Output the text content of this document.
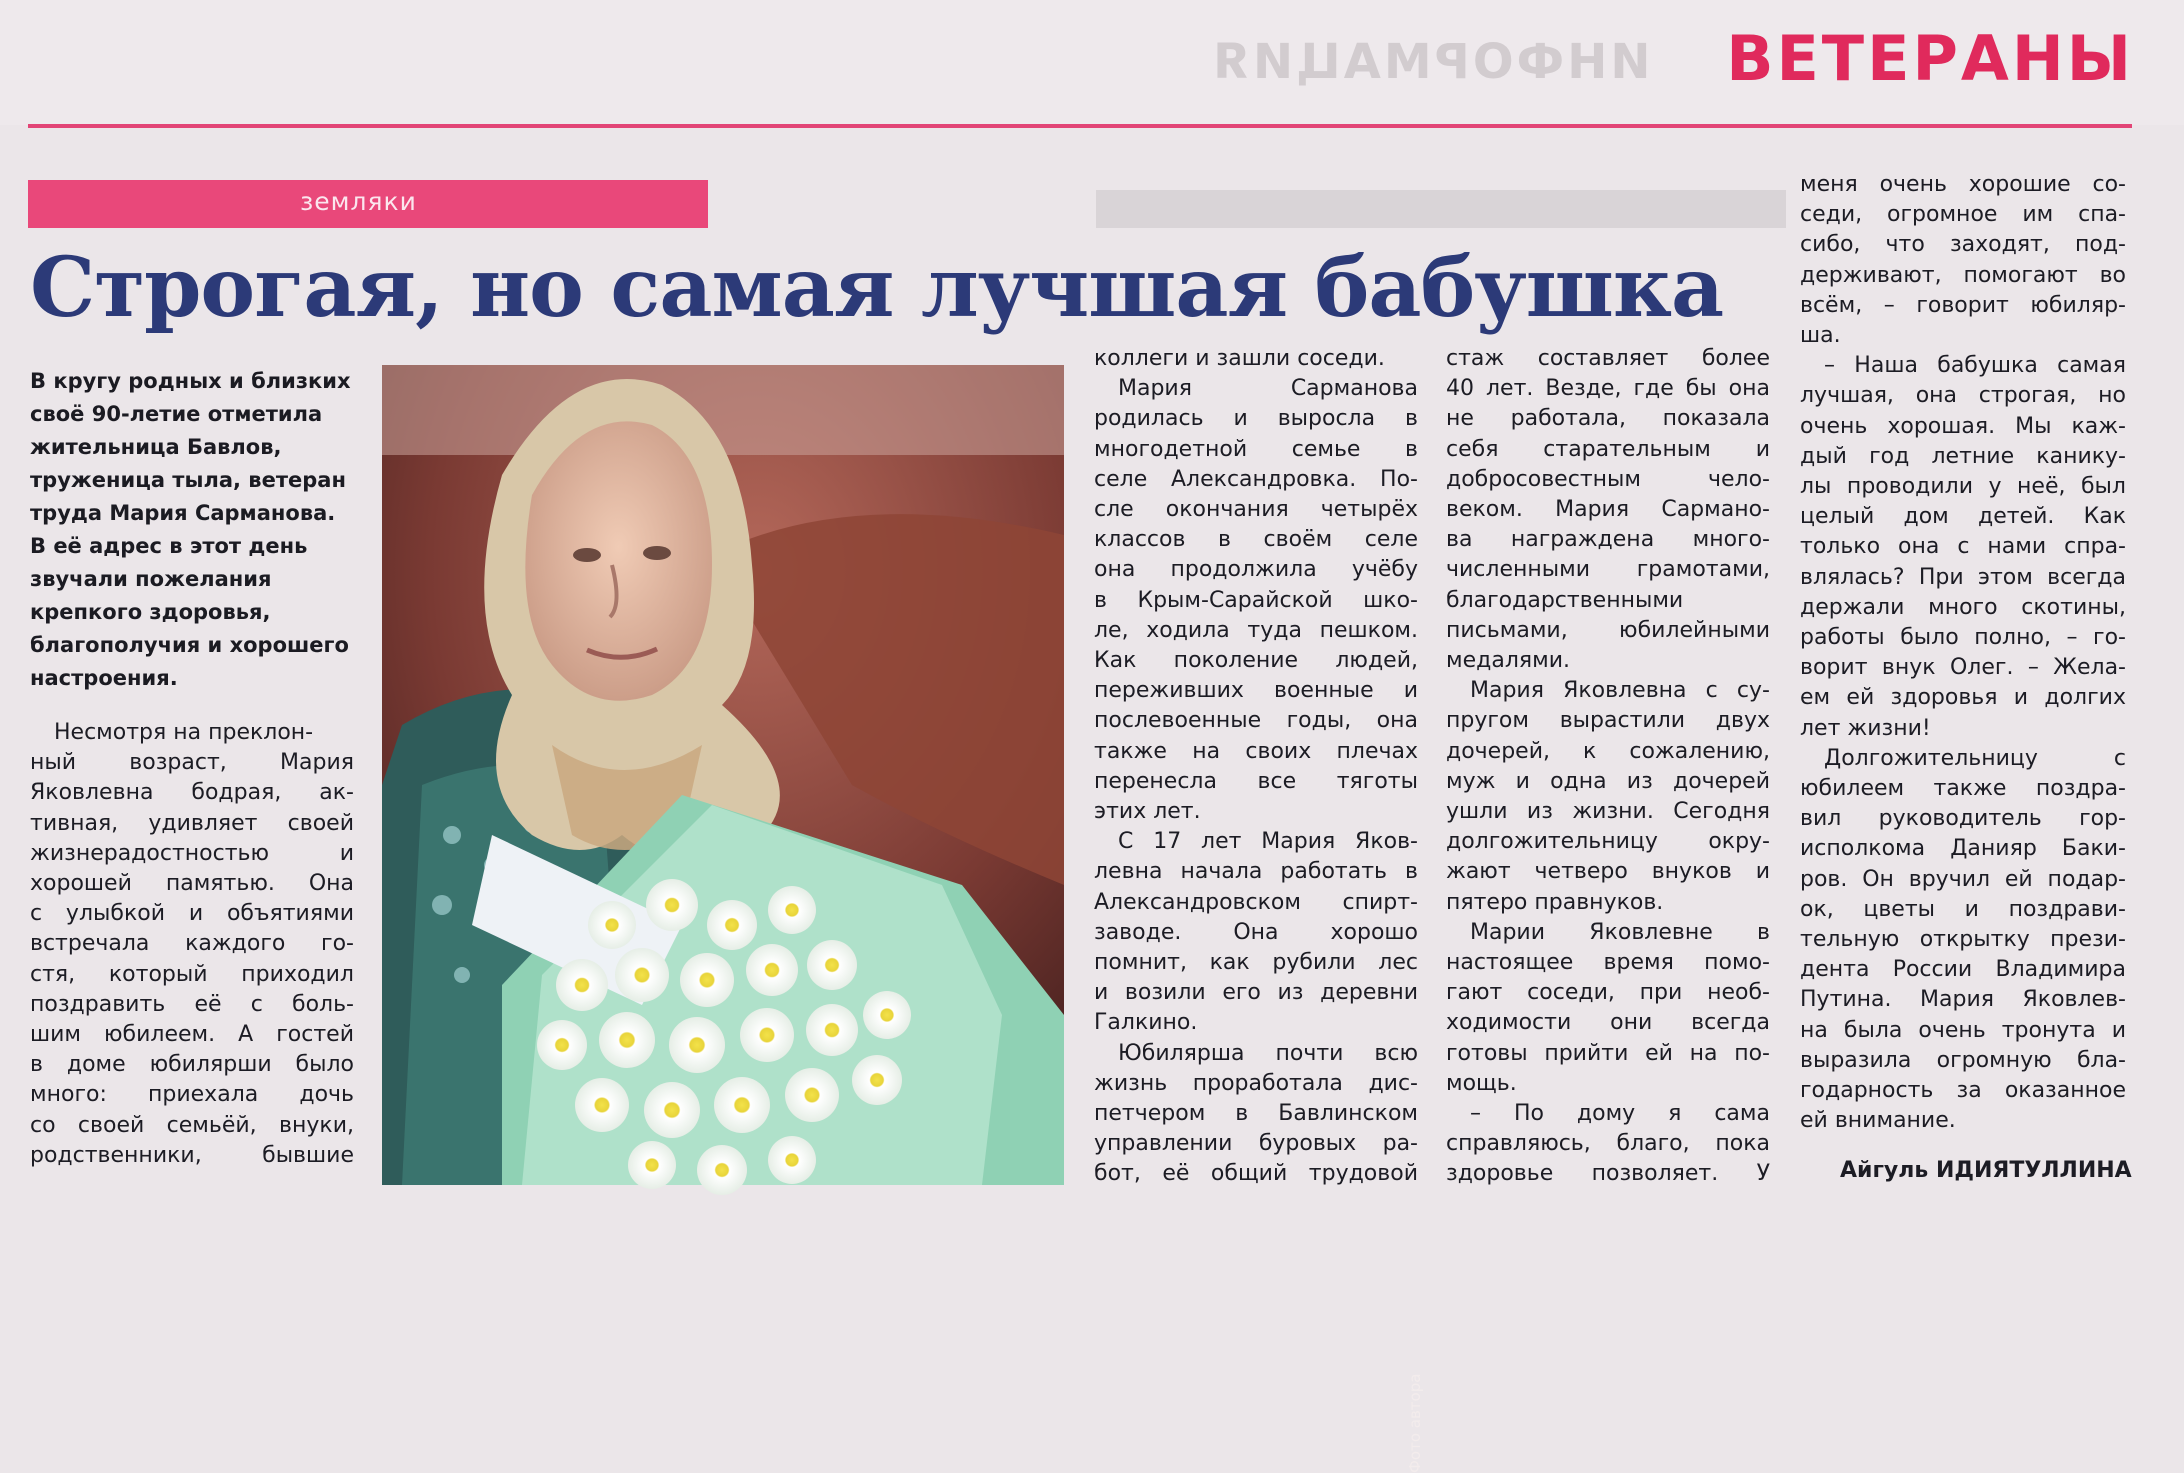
ИНФОРМАЦИЯ ВЕТЕРАНЫ
земляки
Строгая, но самая лучшая бабушка
В кругу родных и близких
своё 90-летие отметила
жительница Бавлов,
труженица тыла, ветеран
труда Мария Сарманова.
В её адрес в этот день
звучали пожелания
крепкого здоровья,
благополучия и хорошего
настроения.
Фото автора
Несмотря на преклон-
ный возраст, Мария
Яковлевна бодрая, ак-
тивная, удивляет своей
жизнерадостностью и
хорошей памятью. Она
с улыбкой и объятиями
встречала каждого го-
стя, который приходил
поздравить её с боль-
шим юбилеем. А гостей
в доме юбилярши было
много: приехала дочь
со своей семьёй, внуки,
родственники, бывшие
коллеги и зашли соседи.
Мария Сарманова
родилась и выросла в
многодетной семье в
селе Александровка. По-
сле окончания четырёх
классов в своём селе
она продолжила учёбу
в Крым-Сарайской шко-
ле, ходила туда пешком.
Как поколение людей,
переживших военные и
послевоенные годы, она
также на своих плечах
перенесла все тяготы
этих лет.
С 17 лет Мария Яков-
левна начала работать в
Александровском спирт-
заводе. Она хорошо
помнит, как рубили лес
и возили его из деревни
Галкино.
Юбилярша почти всю
жизнь проработала дис-
петчером в Бавлинском
управлении буровых ра-
бот, её общий трудовой
стаж составляет более
40 лет. Везде, где бы она
не работала, показала
себя старательным и
добросовестным чело-
веком. Мария Сармано-
ва награждена много-
численными грамотами,
благодарственными
письмами, юбилейными
медалями.
Мария Яковлевна с су-
пругом вырастили двух
дочерей, к сожалению,
муж и одна из дочерей
ушли из жизни. Сегодня
долгожительницу окру-
жают четверо внуков и
пятеро правнуков.
Марии Яковлевне в
настоящее время помо-
гают соседи, при необ-
ходимости они всегда
готовы прийти ей на по-
мощь.
– По дому я сама
справляюсь, благо, пока
здоровье позволяет. У
меня очень хорошие со-
седи, огромное им спа-
сибо, что заходят, под-
держивают, помогают во
всём, – говорит юбиляр-
ша.
– Наша бабушка самая
лучшая, она строгая, но
очень хорошая. Мы каж-
дый год летние канику-
лы проводили у неё, был
целый дом детей. Как
только она с нами спра-
влялась? При этом всегда
держали много скотины,
работы было полно, – го-
ворит внук Олег. – Жела-
ем ей здоровья и долгих
лет жизни!
Долгожительницу с
юбилеем также поздра-
вил руководитель гор-
исполкома Данияр Баки-
ров. Он вручил ей подар-
ок, цветы и поздрави-
тельную открытку прези-
дента России Владимира
Путина. Мария Яковлев-
на была очень тронута и
выразила огромную бла-
годарность за оказанное
ей внимание.
Айгуль ИДИЯТУЛЛИНА
